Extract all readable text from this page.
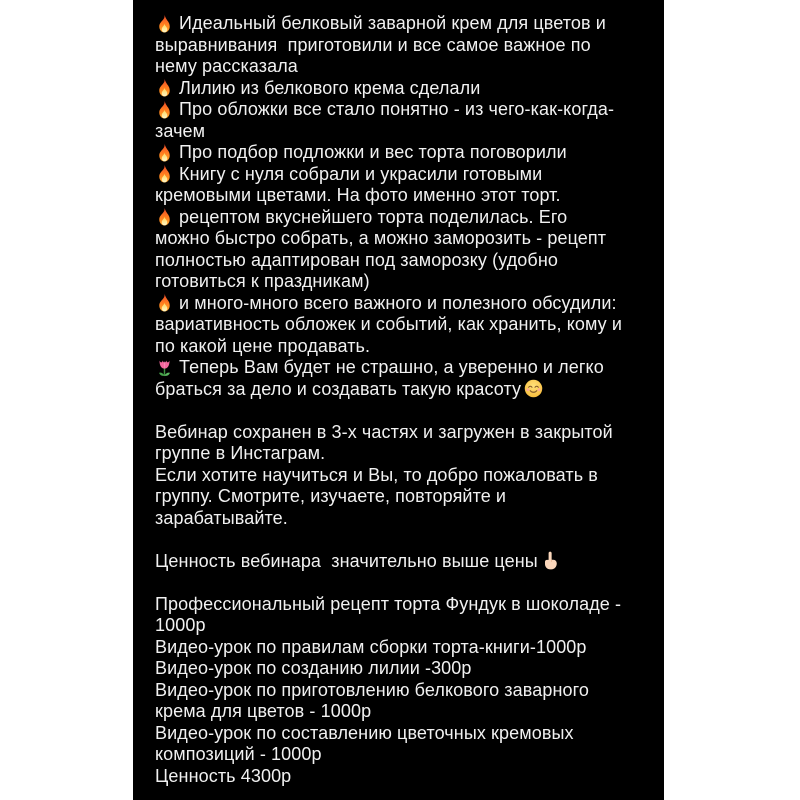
Идеальный белковый заварной крем для цветов и выравнивания  приготовили и все самое важное по нему рассказала
Лилию из белкового крема сделали
Про обложки все стало понятно - из чего-как-когда-зачем
Про подбор подложки и вес торта поговорили
Книгу с нуля собрали и украсили готовыми кремовыми цветами. На фото именно этот торт.
рецептом вкуснейшего торта поделилась. Его можно быстро собрать, а можно заморозить - рецепт полностью адаптирован под заморозку (удобно готовиться к праздникам)
и много-много всего важного и полезного обсудили: вариативность обложек и событий, как хранить, кому и по какой цене продавать.
Теперь Вам будет не страшно, а уверенно и легко браться за дело и создавать такую красоту
Вебинар сохранен в 3-х частях и загружен в закрытой группе в Инстаграм.
Если хотите научиться и Вы, то добро пожаловать в группу. Смотрите, изучаете, повторяйте и зарабатывайте.
Ценность вебинара  значительно выше цены
Профессиональный рецепт торта Фундук в шоколаде - 1000р
Видео-урок по правилам сборки торта-книги-1000р
Видео-урок по созданию лилии -300р
Видео-урок по приготовлению белкового заварного крема для цветов - 1000р
Видео-урок по составлению цветочных кремовых композиций - 1000р
Ценность 4300р
